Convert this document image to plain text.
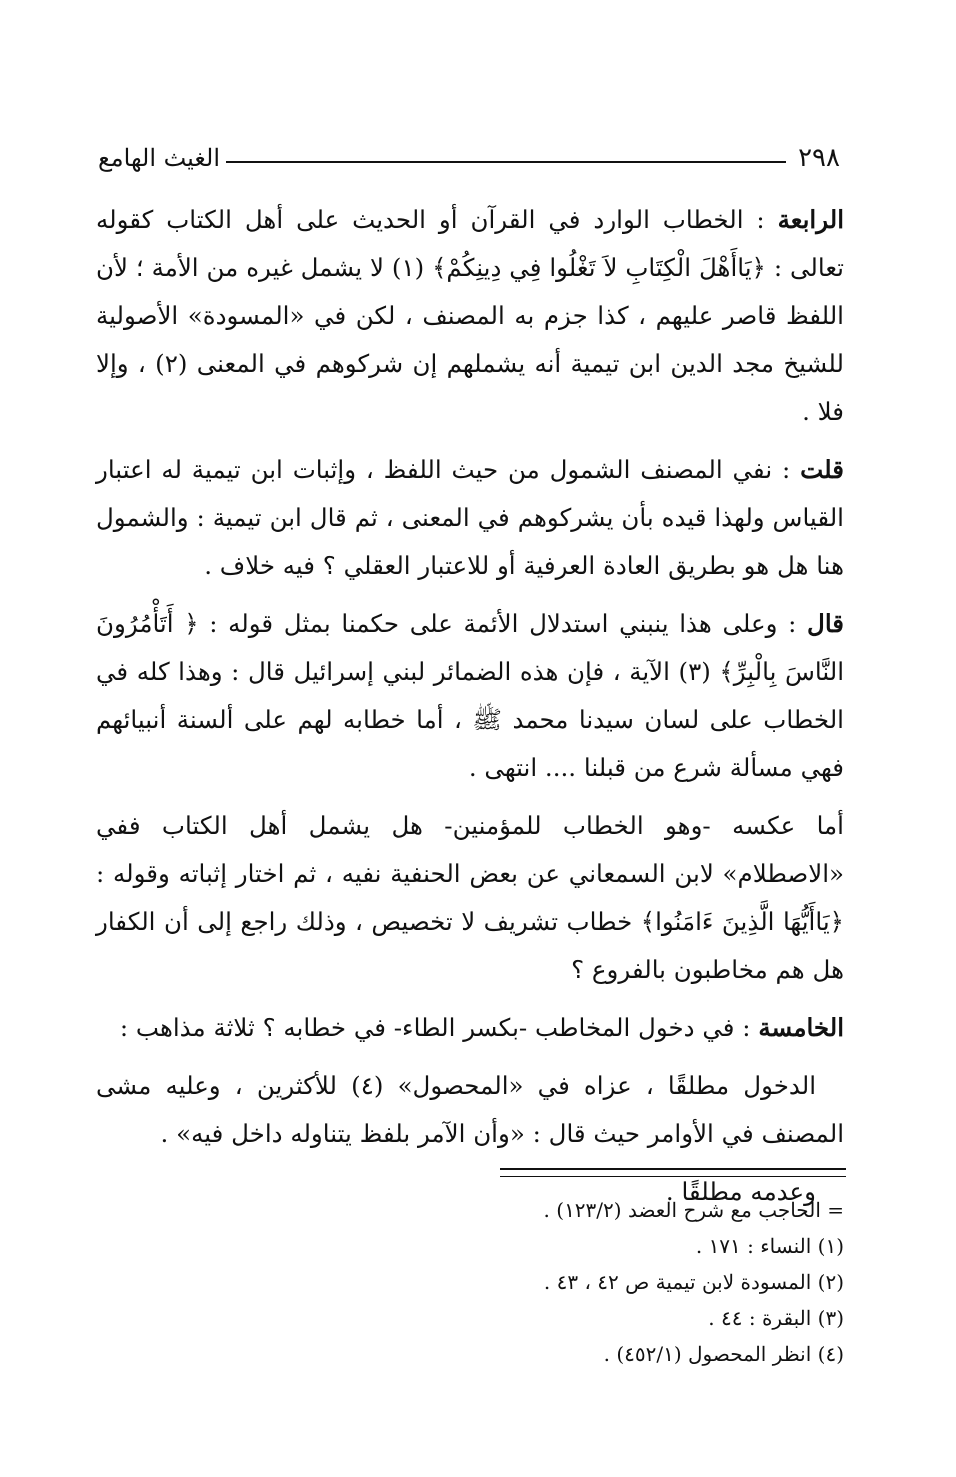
٢٩٨
الغيث الهامع

الرابعة : الخطاب الوارد في القرآن أو الحديث على أهل الكتاب كقوله تعالى : ﴿يَاأَهْلَ الْكِتَابِ لاَ تَغْلُوا فِي دِينِكُمْ﴾ (١) لا يشمل غيره من الأمة ؛ لأن اللفظ قاصر عليهم ، كذا جزم به المصنف ، لكن في «المسودة» الأصولية للشيخ مجد الدين ابن تيمية أنه يشملهم إن شركوهم في المعنى (٢) ، وإلا فلا .

قلت : نفي المصنف الشمول من حيث اللفظ ، وإثبات ابن تيمية له اعتبار القياس ولهذا قيده بأن يشركوهم في المعنى ، ثم قال ابن تيمية : والشمول هنا هل هو بطريق العادة العرفية أو للاعتبار العقلي ؟ فيه خلاف .

قال : وعلى هذا ينبني استدلال الأئمة على حكمنا بمثل قوله : ﴿ أَتَأْمُرُونَ النَّاسَ بِالْبِرِّ﴾ (٣) الآية ، فإن هذه الضمائر لبني إسرائيل قال : وهذا كله في الخطاب على لسان سيدنا محمد ﷺ ، أما خطابه لهم على ألسنة أنبيائهم فهي مسألة شرع من قبلنا .... انتهى .

أما عكسه -وهو الخطاب للمؤمنين- هل يشمل أهل الكتاب ففي «الاصطلام» لابن السمعاني عن بعض الحنفية نفيه ، ثم اختار إثباته وقوله : ﴿يَاأَيُّهَا الَّذِينَ ءَامَنُوا﴾ خطاب تشريف لا تخصيص ، وذلك راجع إلى أن الكفار هل هم مخاطبون بالفروع ؟

الخامسة : في دخول المخاطب -بكسر الطاء- في خطابه ؟ ثلاثة مذاهب :

الدخول مطلقًا ، عزاه في «المحصول» (٤) للأكثرين ، وعليه مشى المصنف في الأوامر حيث قال : «وأن الآمر بلفظ يتناوله داخل فيه» .

وعدمه مطلقًا .

= الحاجب مع شرح العضد (١٢٣/٢) .
(١) النساء : ١٧١ .
(٢) المسودة لابن تيمية ص ٤٢ ، ٤٣ .
(٣) البقرة : ٤٤ .
(٤) انظر المحصول (٤٥٢/١) .
